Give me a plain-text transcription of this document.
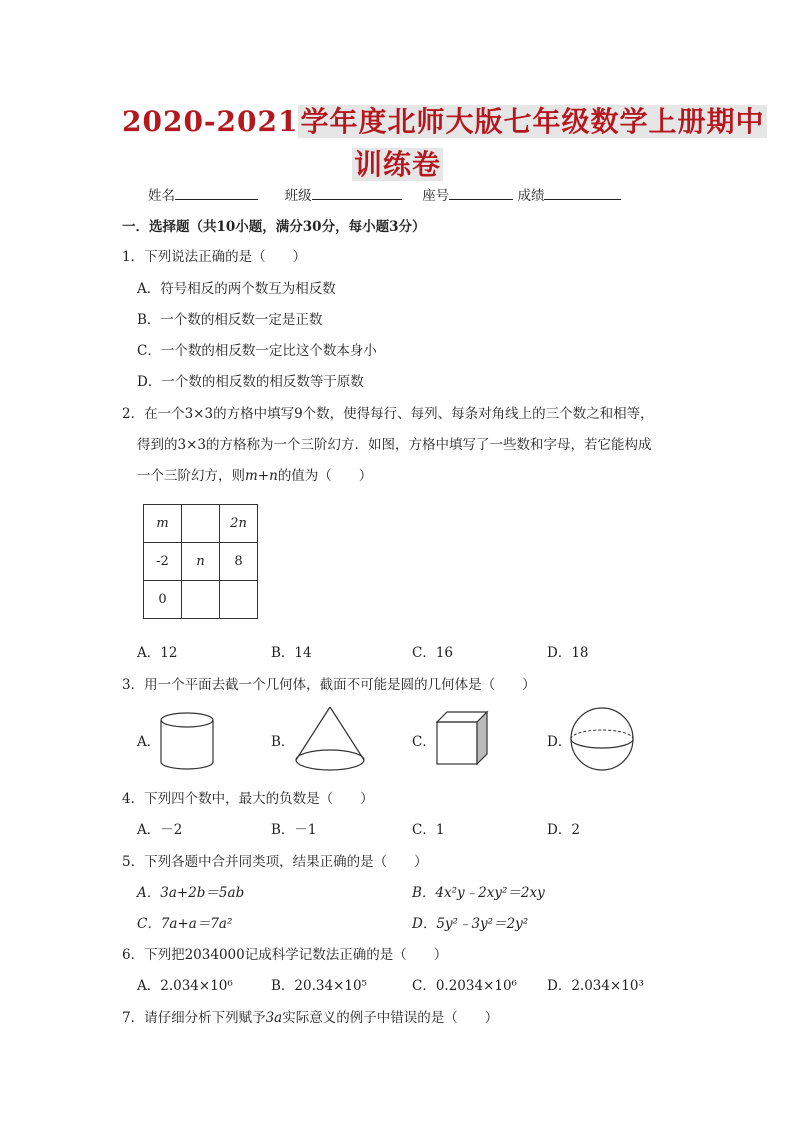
2020-2021学年度北师大版七年级数学上册期中
训练卷
姓名	班级	座号	成绩
一．选择题（共10小题，满分30分，每小题3分）
1．下列说法正确的是（　　）
A．符号相反的两个数互为相反数
B．一个数的相反数一定是正数
C．一个数的相反数一定比这个数本身小
D．一个数的相反数的相反数等于原数
2．在一个3×3的方格中填写9个数，使得每行、每列、每条对角线上的三个数之和相等，
得到的3×3的方格称为一个三阶幻方．如图，方格中填写了一些数和字母，若它能构成
一个三阶幻方，则m+n的值为（　　）
m		2n
-2	n	8
0		
A．12	B．14	C．16	D．18
3．用一个平面去截一个几何体，截面不可能是圆的几何体是（　　）
A．	B．	C．	D．
4．下列四个数中，最大的负数是（　　）
A．－2	B．－1	C．1	D．2
5．下列各题中合并同类项，结果正确的是（　　）
A．3a+2b＝5ab	B．4x²y﹣2xy²＝2xy
C．7a+a＝7a²	D．5y²﹣3y²＝2y²
6．下列把2034000记成科学记数法正确的是（　　）
A．2.034×10⁶	B．20.34×10⁵	C．0.2034×10⁶ D．2.034×10³
7．请仔细分析下列赋予3a实际意义的例子中错误的是（　　）
